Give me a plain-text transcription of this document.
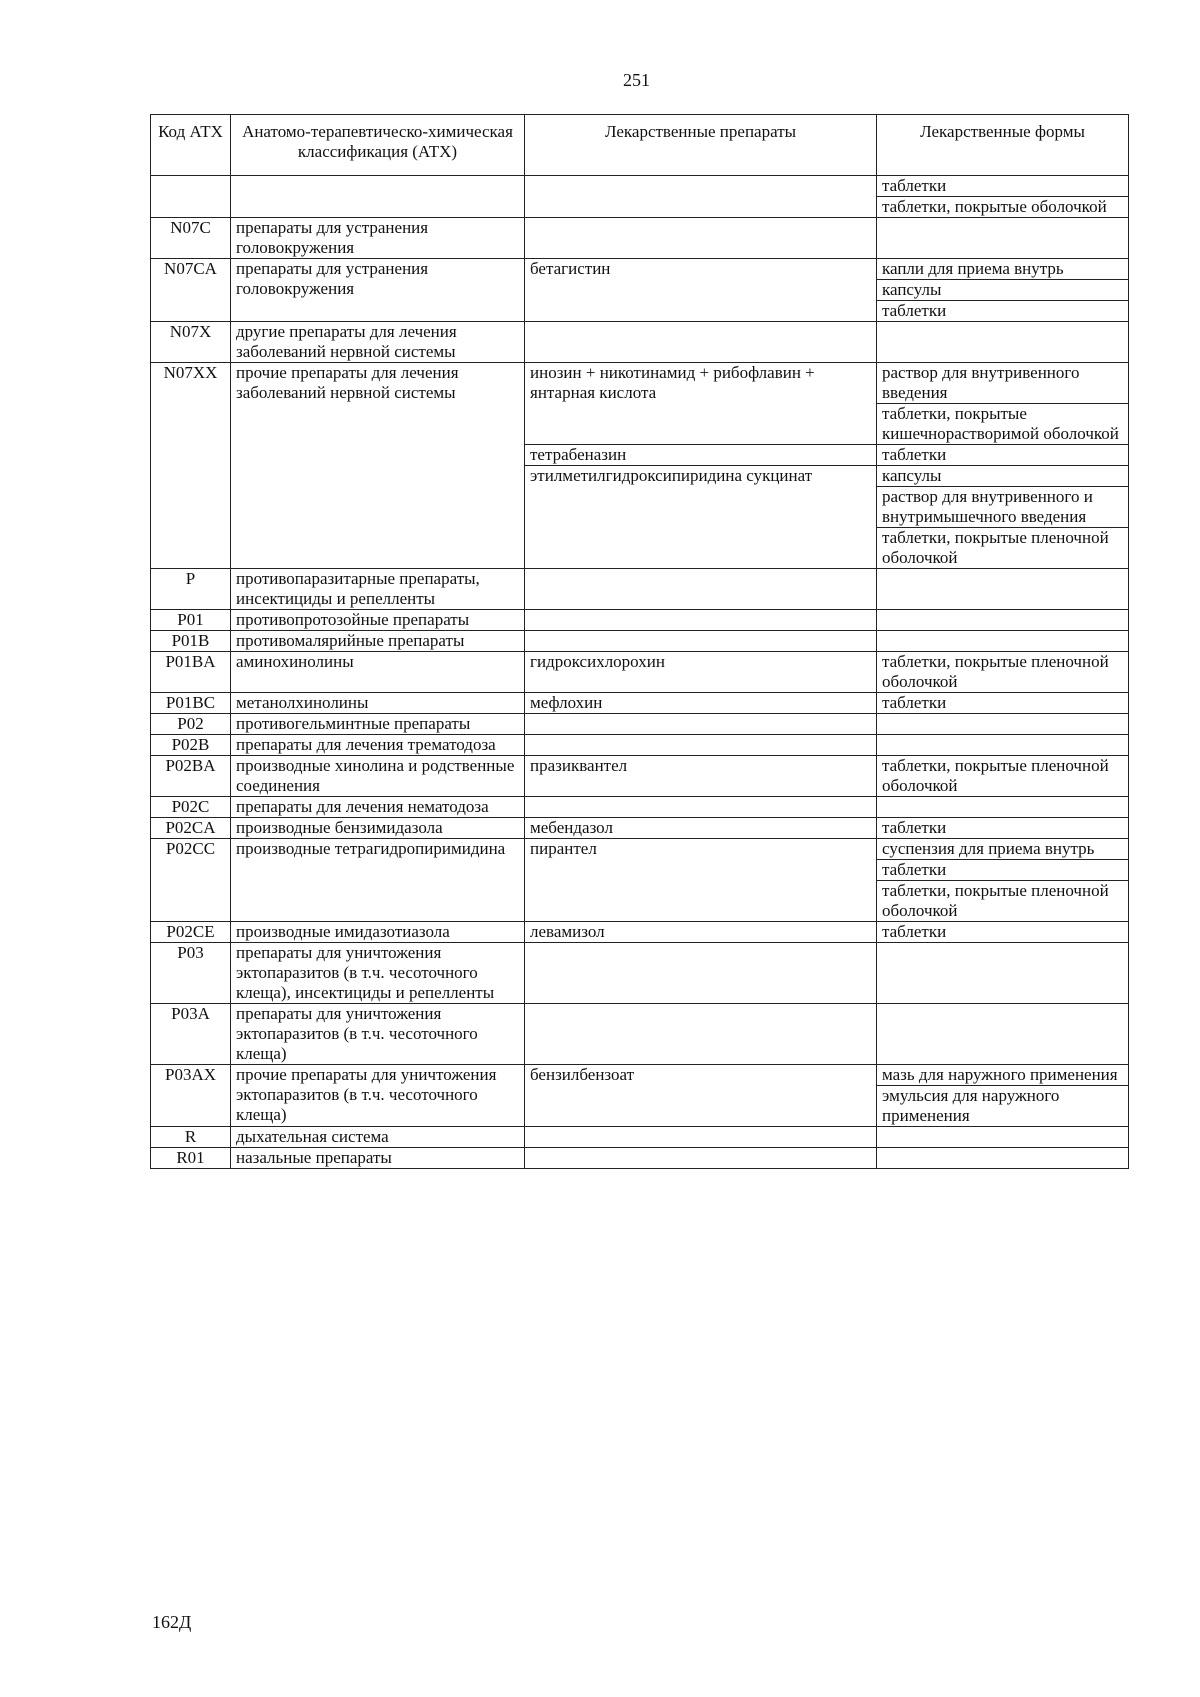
251
Код АТХ	Анатомо-терапевтическо-химическая классификация (АТХ)	Лекарственные препараты	Лекарственные формы
			таблетки
			таблетки, покрытые оболочкой
N07C	препараты для устранения головокружения		
N07CA	препараты для устранения головокружения	бетагистин	капли для приема внутрь
			капсулы
			таблетки
N07X	другие препараты для лечения заболеваний нервной системы		
N07XX	прочие препараты для лечения заболеваний нервной системы	инозин + никотинамид + рибофлавин + янтарная кислота	раствор для внутривенного введения
			таблетки, покрытые кишечнорастворимой оболочкой
		тетрабеназин	таблетки
		этилметилгидроксипиридина сукцинат	капсулы
			раствор для внутривенного и внутримышечного введения
			таблетки, покрытые пленочной оболочкой
P	противопаразитарные препараты, инсектициды и репелленты		
P01	противопротозойные препараты		
P01B	противомалярийные препараты		
P01BA	аминохинолины	гидроксихлорохин	таблетки, покрытые пленочной оболочкой
P01BC	метанолхинолины	мефлохин	таблетки
P02	противогельминтные препараты		
P02B	препараты для лечения трематодоза		
P02BA	производные хинолина и родственные соединения	празиквантел	таблетки, покрытые пленочной оболочкой
P02C	препараты для лечения нематодоза		
P02CA	производные бензимидазола	мебендазол	таблетки
P02CC	производные тетрагидропиримидина	пирантел	суспензия для приема внутрь
			таблетки
			таблетки, покрытые пленочной оболочкой
P02CE	производные имидазотиазола	левамизол	таблетки
P03	препараты для уничтожения эктопаразитов (в т.ч. чесоточного клеща), инсектициды и репелленты		
P03A	препараты для уничтожения эктопаразитов (в т.ч. чесоточного клеща)		
P03AX	прочие препараты для уничтожения эктопаразитов (в т.ч. чесоточного клеща)	бензилбензоат	мазь для наружного применения
			эмульсия для наружного применения
R	дыхательная система		
R01	назальные препараты		
162Д
